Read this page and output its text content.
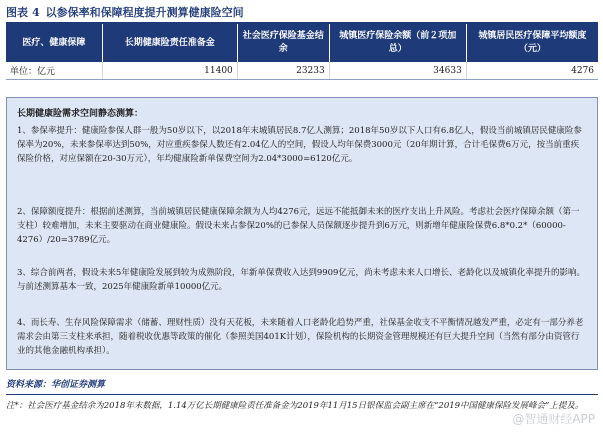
图表 4 以参保率和保障程度提升测算健康险空间
医疗、健康保障	长期健康险责任准备金	社会医疗保险基金结余	城镇医疗保险余额（前２项加总）	城镇居民医疗保障平均额度（元）
单位：亿元	11400	23233	34633	4276
长期健康险需求空间静态测算：
1、参保率提升：健康险参保人群一般为50岁以下，以2018年末城镇居民8.7亿人测算；2018年50岁以下人口有6.8亿人，假设当前城镇居民健康险参保率为20%，未来参保率达到50%，对应重疾参保人数还有2.04亿人的空间，假设人均年保费3000元（20年期计算，合计毛保费6万元，按当前重疾保险价格，对应保额在20-30万元），年均健康险新单保费空间为2.04*3000=6120亿元。
2、保障额度提升：根据前述测算，当前城镇居民健康保障余额为人均4276元，远远不能抵御未来的医疗支出上升风险。考虑社会医疗保障余额（第一支柱）较难增加，未来主要驱动在商业健康险。假设未来占参保20%的已参保人员保额逐步提升到6万元，则新增年健康险保费6.8*0.2*（60000-4276）/20=3789亿元。
3、综合前两者，假设未来5年健康险发展到较为成熟阶段，年新单保费收入达到9909亿元，尚未考虑未来人口增长、老龄化以及城镇化率提升的影响。与前述测算基本一致，2025年健康险新单10000亿元。
4、而长寿、生存风险保障需求（储蓄、理财性质）没有天花板，未来随着人口老龄化趋势严重，社保基金收支不平衡情况越发严重，必定有一部分养老需求会由第三支柱来承担，随着税收优惠等政策的催化（参照美国401K计划），保险机构的长期资金管理规模还有巨大提升空间（当然有部分由资管行业的其他金融机构承担）。
资料来源：华创证券测算
注*：社会医疗基金结余为2018年末数据，1.14万亿长期健康险责任准备金为2019年11月15日银保监会副主席在“2019中国健康保险发展峰会”上提及。
@智通财经APP
